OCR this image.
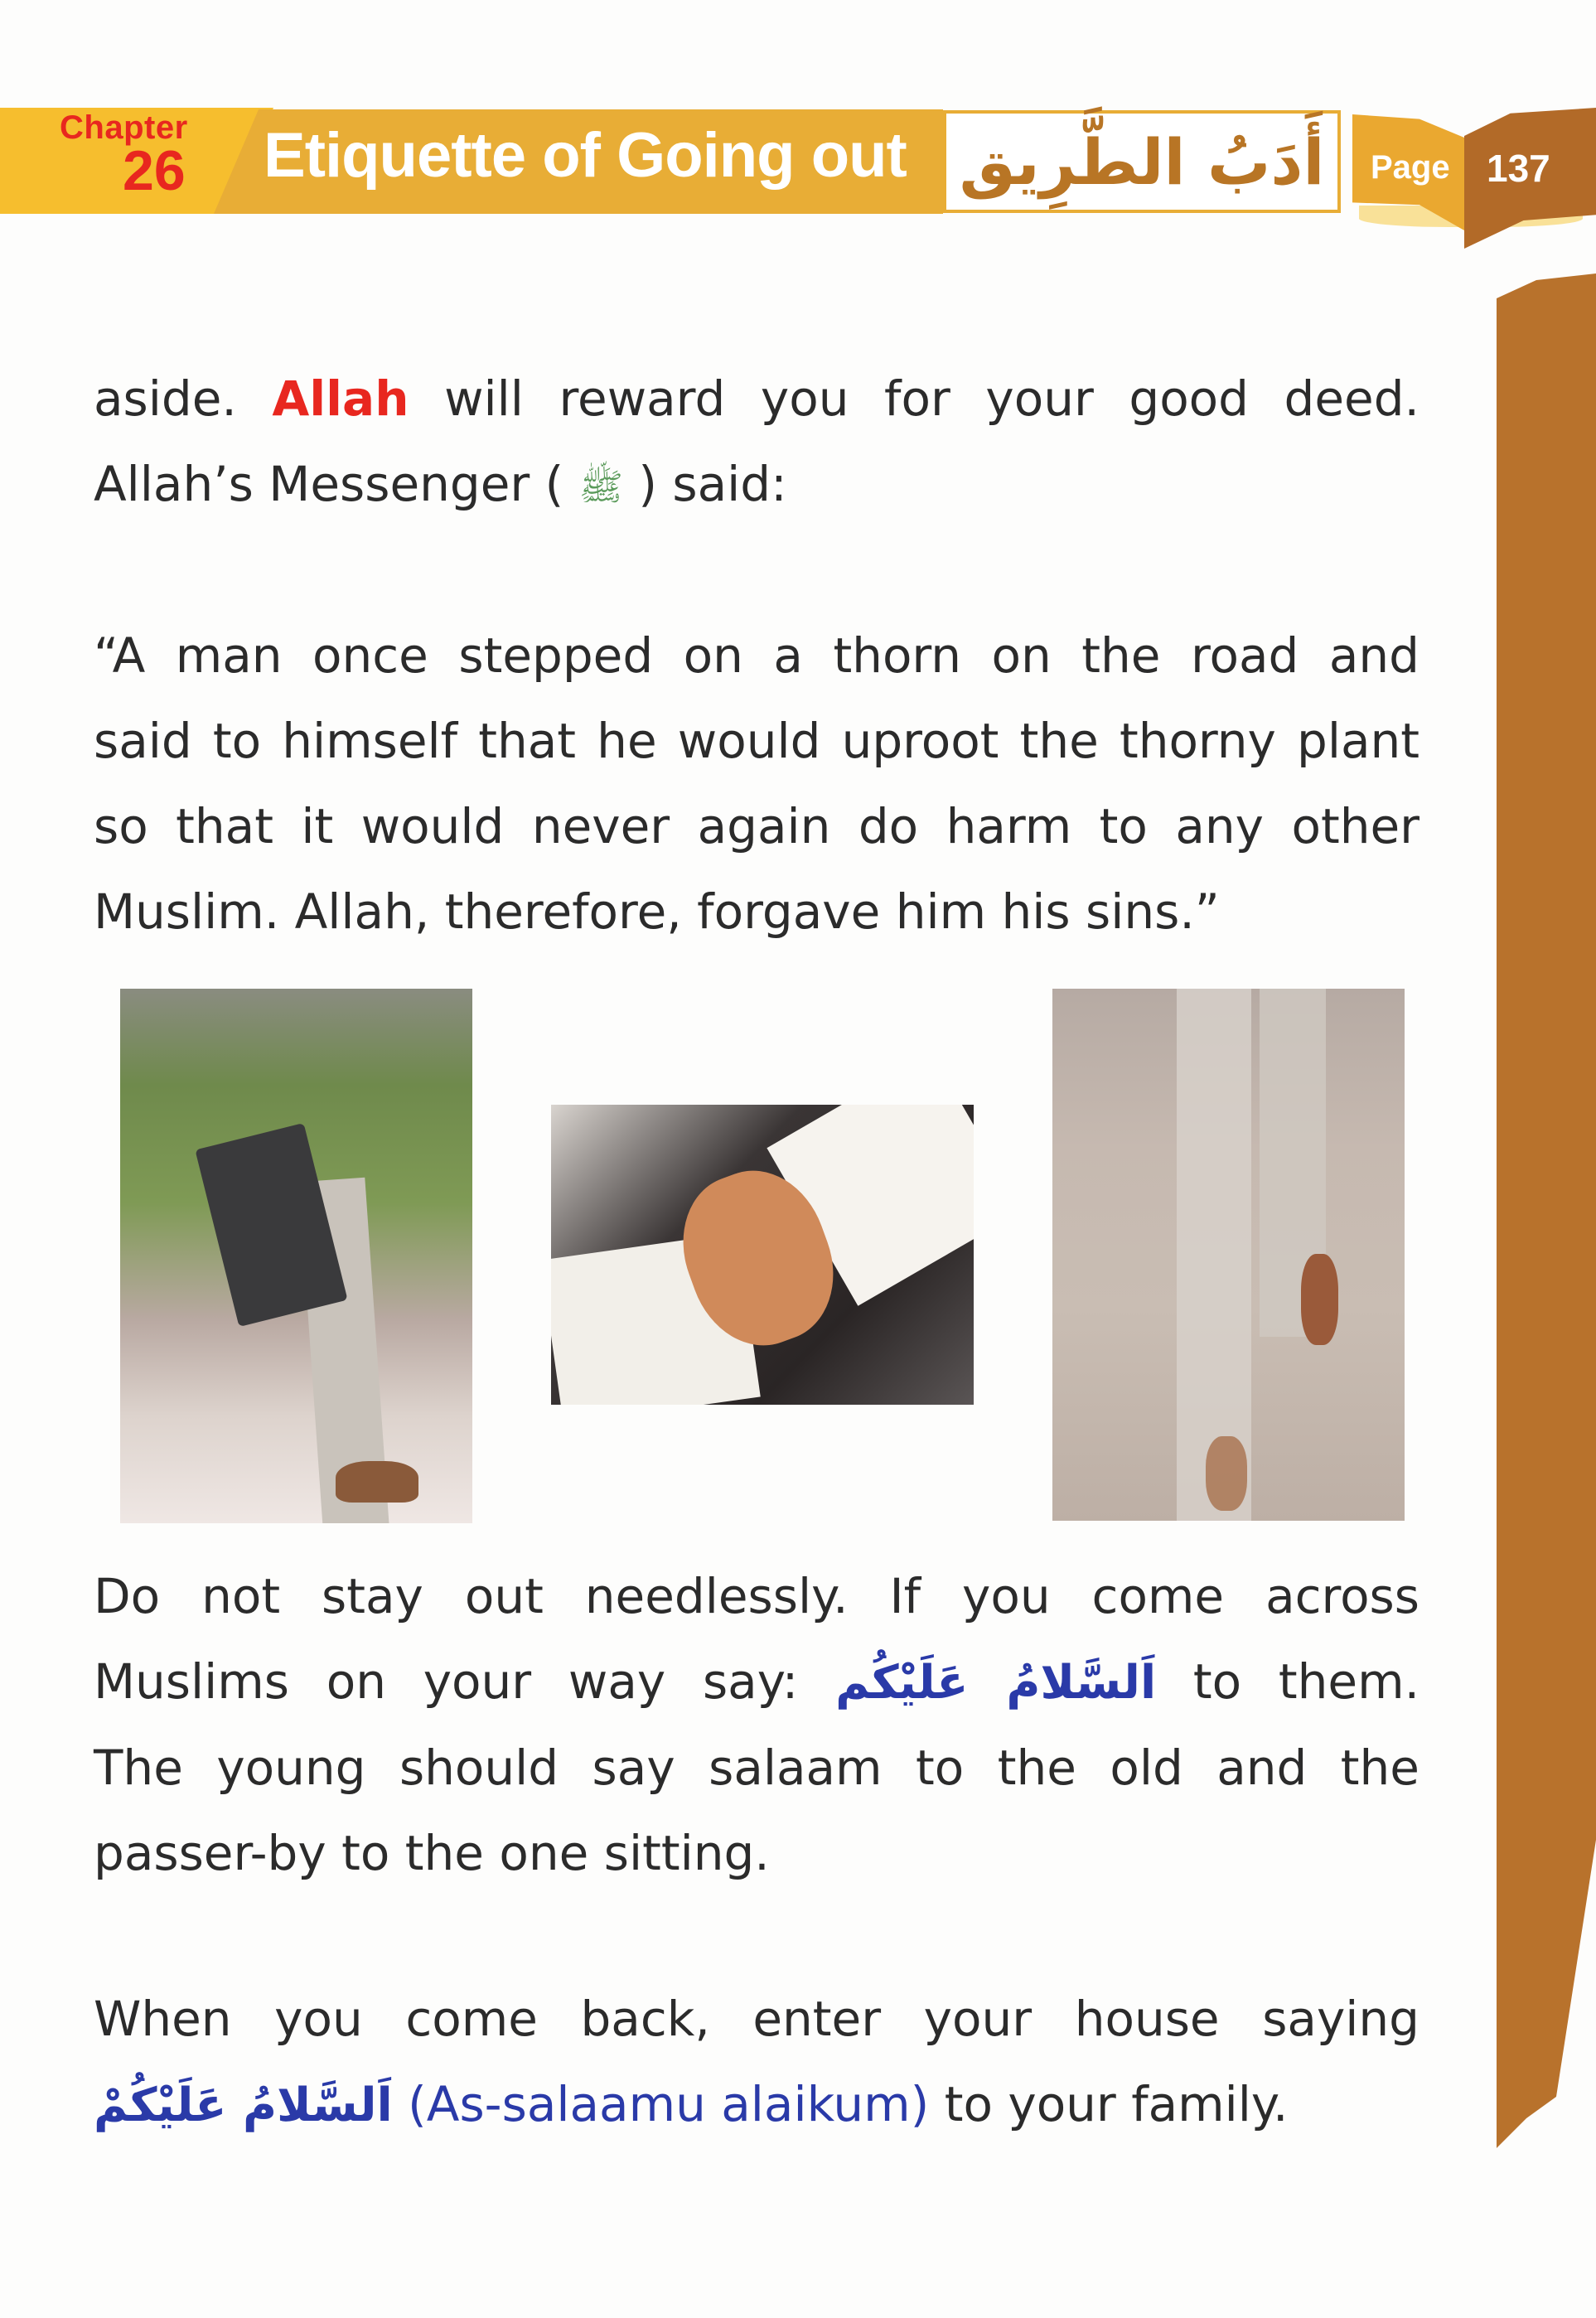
Chapter
26 Etiquette of Going out أَدَبُ الطَّرِيق Page 137
aside. Allah will reward you for your good deed.
Allah’s Messenger ( ﷺ ) said:
“A man once stepped on a thorn on the road and
said to himself that he would uproot the thorny plant
so that it would never again do harm to any other
Muslim. Allah, therefore, forgave him his sins.”
Do not stay out needlessly. If you come across
Muslims on your way say: اَلسَّلامُ عَلَيْكُم to them.
The young should say salaam to the old and the
passer-by to the one sitting.
When you come back, enter your house saying
اَلسَّلامُ عَلَيْكُمْ (As-salaamu alaikum) to your family.
